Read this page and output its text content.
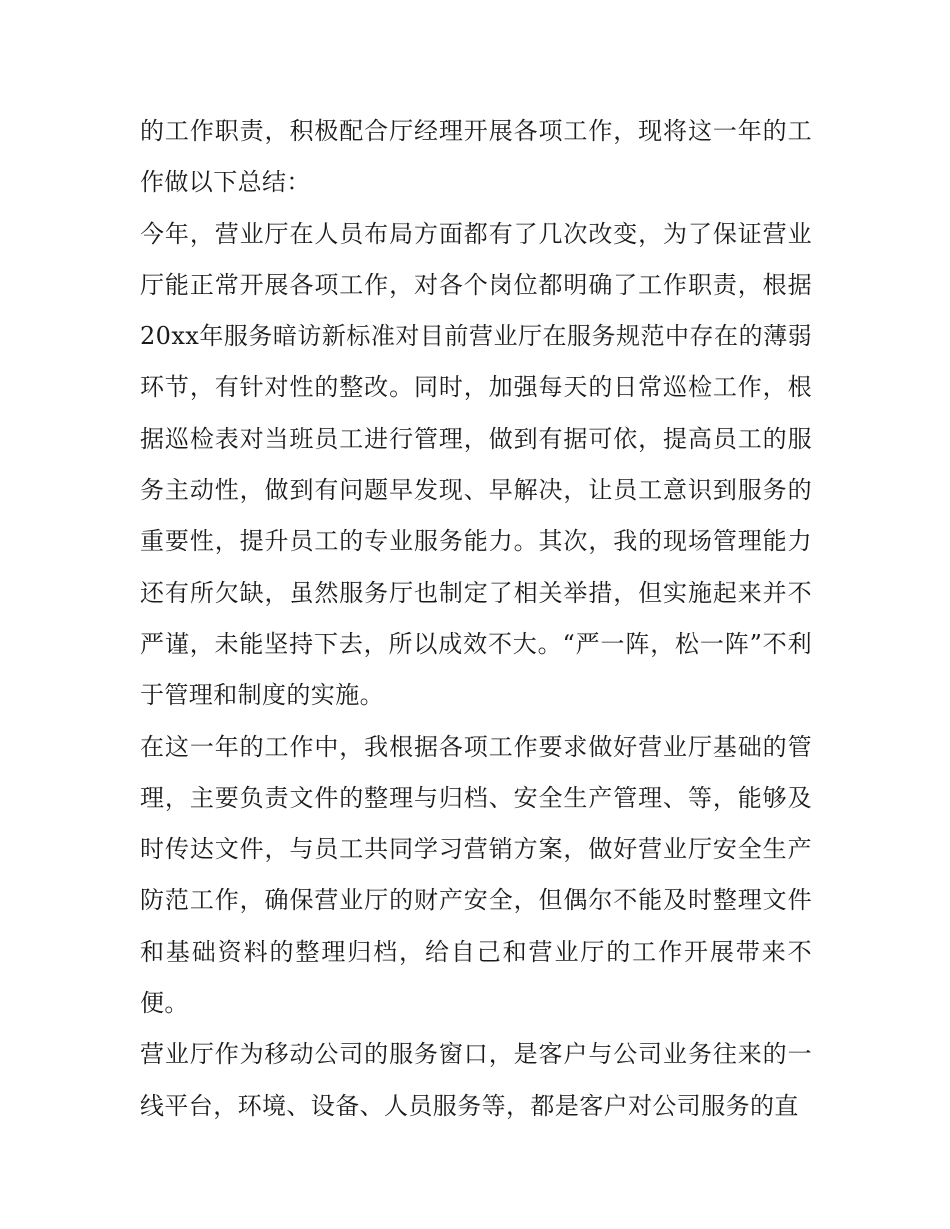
的工作职责，积极配合厅经理开展各项工作，现将这一年的工作做以下总结：

今年，营业厅在人员布局方面都有了几次改变，为了保证营业厅能正常开展各项工作，对各个岗位都明确了工作职责，根据20xx年服务暗访新标准对目前营业厅在服务规范中存在的薄弱环节，有针对性的整改。同时，加强每天的日常巡检工作，根据巡检表对当班员工进行管理，做到有据可依，提高员工的服务主动性，做到有问题早发现、早解决，让员工意识到服务的重要性，提升员工的专业服务能力。其次，我的现场管理能力还有所欠缺，虽然服务厅也制定了相关举措，但实施起来并不严谨，未能坚持下去，所以成效不大。“严一阵，松一阵”不利于管理和制度的实施。

在这一年的工作中，我根据各项工作要求做好营业厅基础的管理，主要负责文件的整理与归档、安全生产管理、等，能够及时传达文件，与员工共同学习营销方案，做好营业厅安全生产防范工作，确保营业厅的财产安全，但偶尔不能及时整理文件和基础资料的整理归档，给自己和营业厅的工作开展带来不便。

营业厅作为移动公司的服务窗口，是客户与公司业务往来的一线平台，环境、设备、人员服务等，都是客户对公司服务的直
